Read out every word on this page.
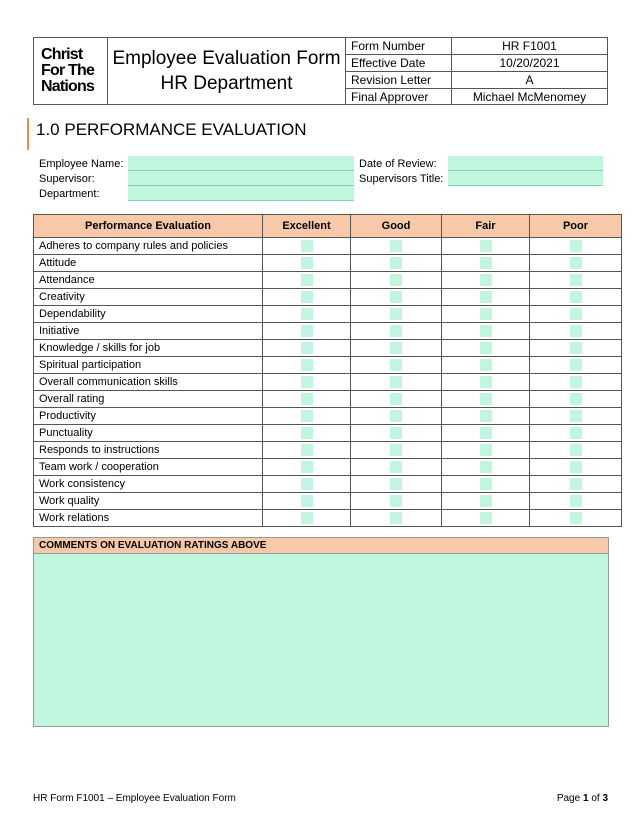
Christ
For The
Nations
Employee Evaluation Form
HR Department
Form Number	HR F1001
Effective Date	10/20/2021
Revision Letter	A
Final Approver	Michael McMenomey
1.0 PERFORMANCE EVALUATION
Employee Name:
Supervisor:
Department:
Date of Review:
Supervisors Title:
Performance Evaluation	Excellent	Good	Fair	Poor
Adheres to company rules and policies				
Attitude				
Attendance				
Creativity				
Dependability				
Initiative				
Knowledge / skills for job				
Spiritual participation				
Overall communication skills				
Overall rating				
Productivity				
Punctuality				
Responds to instructions				
Team work / cooperation				
Work consistency				
Work quality				
Work relations				
COMMENTS ON EVALUATION RATINGS ABOVE
HR Form F1001 – Employee Evaluation Form	Page 1 of 3
